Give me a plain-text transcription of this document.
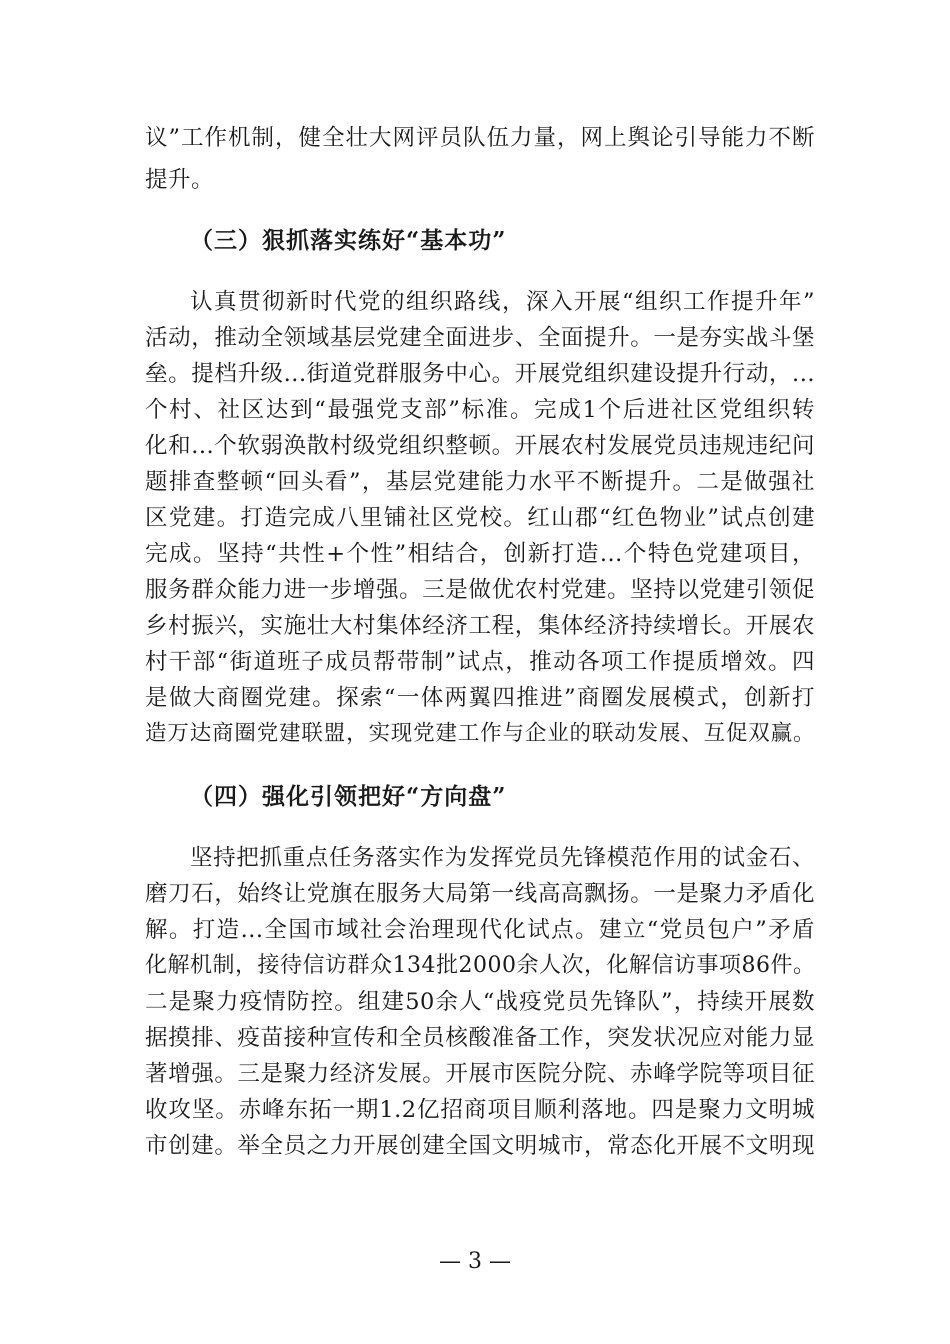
议”工作机制，健全壮大网评员队伍力量，网上舆论引导能力不断
提升。
（三）狠抓落实练好“基本功”
认真贯彻新时代党的组织路线，深入开展“组织工作提升年”
活动，推动全领域基层党建全面进步、全面提升。一是夯实战斗堡
垒。提档升级...街道党群服务中心。开展党组织建设提升行动，...
个村、社区达到“最强党支部”标准。完成1个后进社区党组织转
化和...个软弱涣散村级党组织整顿。开展农村发展党员违规违纪问
题排查整顿“回头看”，基层党建能力水平不断提升。二是做强社
区党建。打造完成八里铺社区党校。红山郡“红色物业”试点创建
完成。坚持“共性+个性”相结合，创新打造...个特色党建项目，
服务群众能力进一步增强。三是做优农村党建。坚持以党建引领促
乡村振兴，实施壮大村集体经济工程，集体经济持续增长。开展农
村干部“街道班子成员帮带制”试点，推动各项工作提质增效。四
是做大商圈党建。探索“一体两翼四推进”商圈发展模式，创新打
造万达商圈党建联盟，实现党建工作与企业的联动发展、互促双赢。
（四）强化引领把好“方向盘”
坚持把抓重点任务落实作为发挥党员先锋模范作用的试金石、
磨刀石，始终让党旗在服务大局第一线高高飘扬。一是聚力矛盾化
解。打造...全国市域社会治理现代化试点。建立“党员包户”矛盾
化解机制，接待信访群众134批2000余人次，化解信访事项86件。
二是聚力疫情防控。组建50余人“战疫党员先锋队”，持续开展数
据摸排、疫苗接种宣传和全员核酸准备工作，突发状况应对能力显
著增强。三是聚力经济发展。开展市医院分院、赤峰学院等项目征
收攻坚。赤峰东拓一期1.2亿招商项目顺利落地。四是聚力文明城
市创建。举全员之力开展创建全国文明城市，常态化开展不文明现
— 3 —
